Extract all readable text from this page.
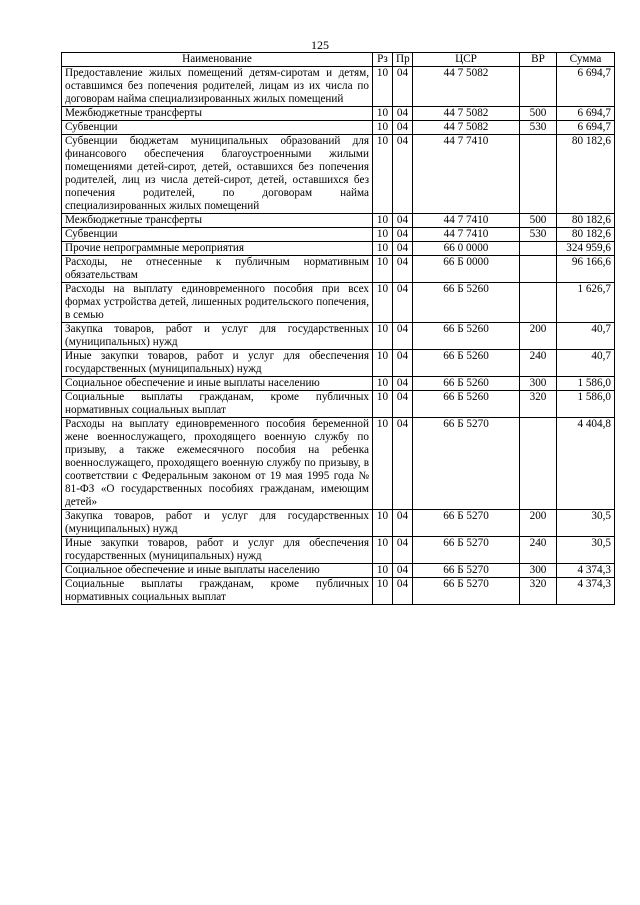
125
Наименование	Рз	Пр	ЦСР	ВР	Сумма
Предоставление жилых помещений детям-сиротам и детям, оставшимся без попечения родителей, лицам из их числа по договорам найма специализированных жилых помещений	10	04	44 7 5082		6 694,7
Межбюджетные трансферты	10	04	44 7 5082	500	6 694,7
Субвенции	10	04	44 7 5082	530	6 694,7
Субвенции бюджетам муниципальных образований для финансового обеспечения благоустроенными жилыми помещениями детей-сирот, детей, оставшихся без попечения родителей, лиц из числа детей-сирот, детей, оставшихся без попечения родителей, по договорам найма специализированных жилых помещений	10	04	44 7 7410		80 182,6
Межбюджетные трансферты	10	04	44 7 7410	500	80 182,6
Субвенции	10	04	44 7 7410	530	80 182,6
Прочие непрограммные мероприятия	10	04	66 0 0000		324 959,6
Расходы, не отнесенные к публичным нормативным обязательствам	10	04	66 Б 0000		96 166,6
Расходы на выплату единовременного пособия при всех формах устройства детей, лишенных родительского попечения, в семью	10	04	66 Б 5260		1 626,7
Закупка товаров, работ и услуг для государственных (муниципальных) нужд	10	04	66 Б 5260	200	40,7
Иные закупки товаров, работ и услуг для обеспечения государственных (муниципальных) нужд	10	04	66 Б 5260	240	40,7
Социальное обеспечение и иные выплаты населению	10	04	66 Б 5260	300	1 586,0
Социальные выплаты гражданам, кроме публичных нормативных социальных выплат	10	04	66 Б 5260	320	1 586,0
Расходы на выплату единовременного пособия беременной жене военнослужащего, проходящего военную службу по призыву, а также ежемесячного пособия на ребенка военнослужащего, проходящего военную службу по призыву, в соответствии с Федеральным законом от 19 мая 1995 года № 81-ФЗ «О государственных пособиях гражданам, имеющим детей»	10	04	66 Б 5270		4 404,8
Закупка товаров, работ и услуг для государственных (муниципальных) нужд	10	04	66 Б 5270	200	30,5
Иные закупки товаров, работ и услуг для обеспечения государственных (муниципальных) нужд	10	04	66 Б 5270	240	30,5
Социальное обеспечение и иные выплаты населению	10	04	66 Б 5270	300	4 374,3
Социальные выплаты гражданам, кроме публичных нормативных социальных выплат	10	04	66 Б 5270	320	4 374,3
